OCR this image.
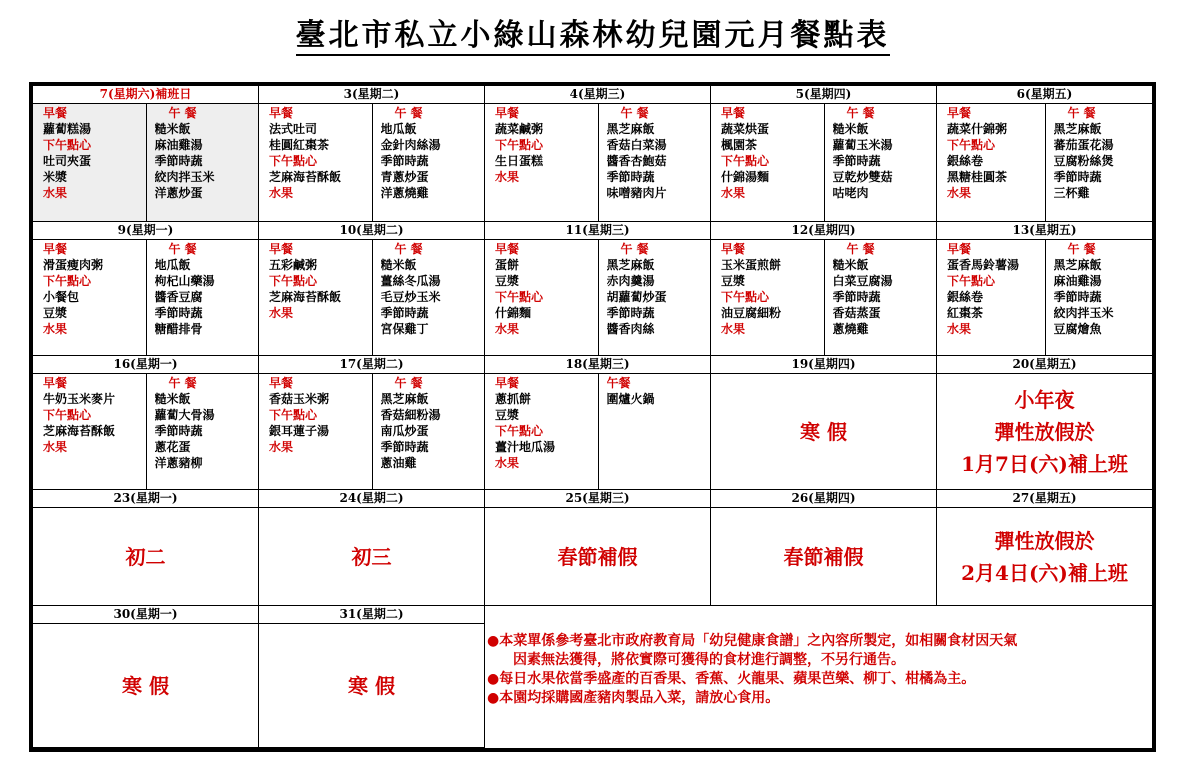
臺北市私立小綠山森林幼兒園元月餐點表
7(星期六)補班日
早餐
蘿蔔糕湯
下午點心
吐司夾蛋
米漿
水果
午 餐
糙米飯
麻油雞湯
季節時蔬
絞肉拌玉米
洋蔥炒蛋
3(星期二)
早餐
法式吐司
桂圓紅棗茶
下午點心
芝麻海苔酥飯
水果
午 餐
地瓜飯
金針肉絲湯
季節時蔬
青蔥炒蛋
洋蔥燒雞
4(星期三)
早餐
蔬菜鹹粥
下午點心
生日蛋糕
水果
午 餐
黑芝麻飯
香菇白菜湯
醬香杏鮑菇
季節時蔬
味噌豬肉片
5(星期四)
早餐
蔬菜烘蛋
楓園茶
下午點心
什錦湯麵
水果
午 餐
糙米飯
蘿蔔玉米湯
季節時蔬
豆乾炒雙菇
咕咾肉
6(星期五)
早餐
蔬菜什錦粥
下午點心
銀絲卷
黑糖桂圓茶
水果
午 餐
黑芝麻飯
蕃茄蛋花湯
豆腐粉絲煲
季節時蔬
三杯雞
9(星期一)
早餐
滑蛋瘦肉粥
下午點心
小餐包
豆漿
水果
午 餐
地瓜飯
枸杞山藥湯
醬香豆腐
季節時蔬
糖醋排骨
10(星期二)
早餐
五彩鹹粥
下午點心
芝麻海苔酥飯
水果
午 餐
糙米飯
薑絲冬瓜湯
毛豆炒玉米
季節時蔬
宮保雞丁
11(星期三)
早餐
蛋餅
豆漿
下午點心
什錦麵
水果
午 餐
黑芝麻飯
赤肉羹湯
胡蘿蔔炒蛋
季節時蔬
醬香肉絲
12(星期四)
早餐
玉米蛋煎餅
豆漿
下午點心
油豆腐細粉
水果
午 餐
糙米飯
白菜豆腐湯
季節時蔬
香菇蒸蛋
蔥燒雞
13(星期五)
早餐
蛋香馬鈴薯湯
下午點心
銀絲卷
紅棗茶
水果
午 餐
黑芝麻飯
麻油雞湯
季節時蔬
絞肉拌玉米
豆腐燴魚
16(星期一)
早餐
牛奶玉米麥片
下午點心
芝麻海苔酥飯
水果
午 餐
糙米飯
蘿蔔大骨湯
季節時蔬
蔥花蛋
洋蔥豬柳
17(星期二)
早餐
香菇玉米粥
下午點心
銀耳蓮子湯
水果
午 餐
黑芝麻飯
香菇細粉湯
南瓜炒蛋
季節時蔬
蔥油雞
18(星期三)
早餐
蔥抓餅
豆漿
下午點心
薑汁地瓜湯
水果
午餐
圍爐火鍋
19(星期四)
寒 假
20(星期五)
小年夜
彈性放假於
1月7日(六)補上班
23(星期一)
初二
24(星期二)
初三
25(星期三)
春節補假
26(星期四)
春節補假
27(星期五)
彈性放假於
2月4日(六)補上班
30(星期一)
寒 假
31(星期二)
寒 假
●本菜單係參考臺北市政府教育局「幼兒健康食譜」之內容所製定，如相關食材因天氣
因素無法獲得，將依實際可獲得的食材進行調整，不另行通告。
●每日水果依當季盛產的百香果、香蕉、火龍果、蘋果芭樂、柳丁、柑橘為主。
●本園均採購國產豬肉製品入菜，請放心食用。
